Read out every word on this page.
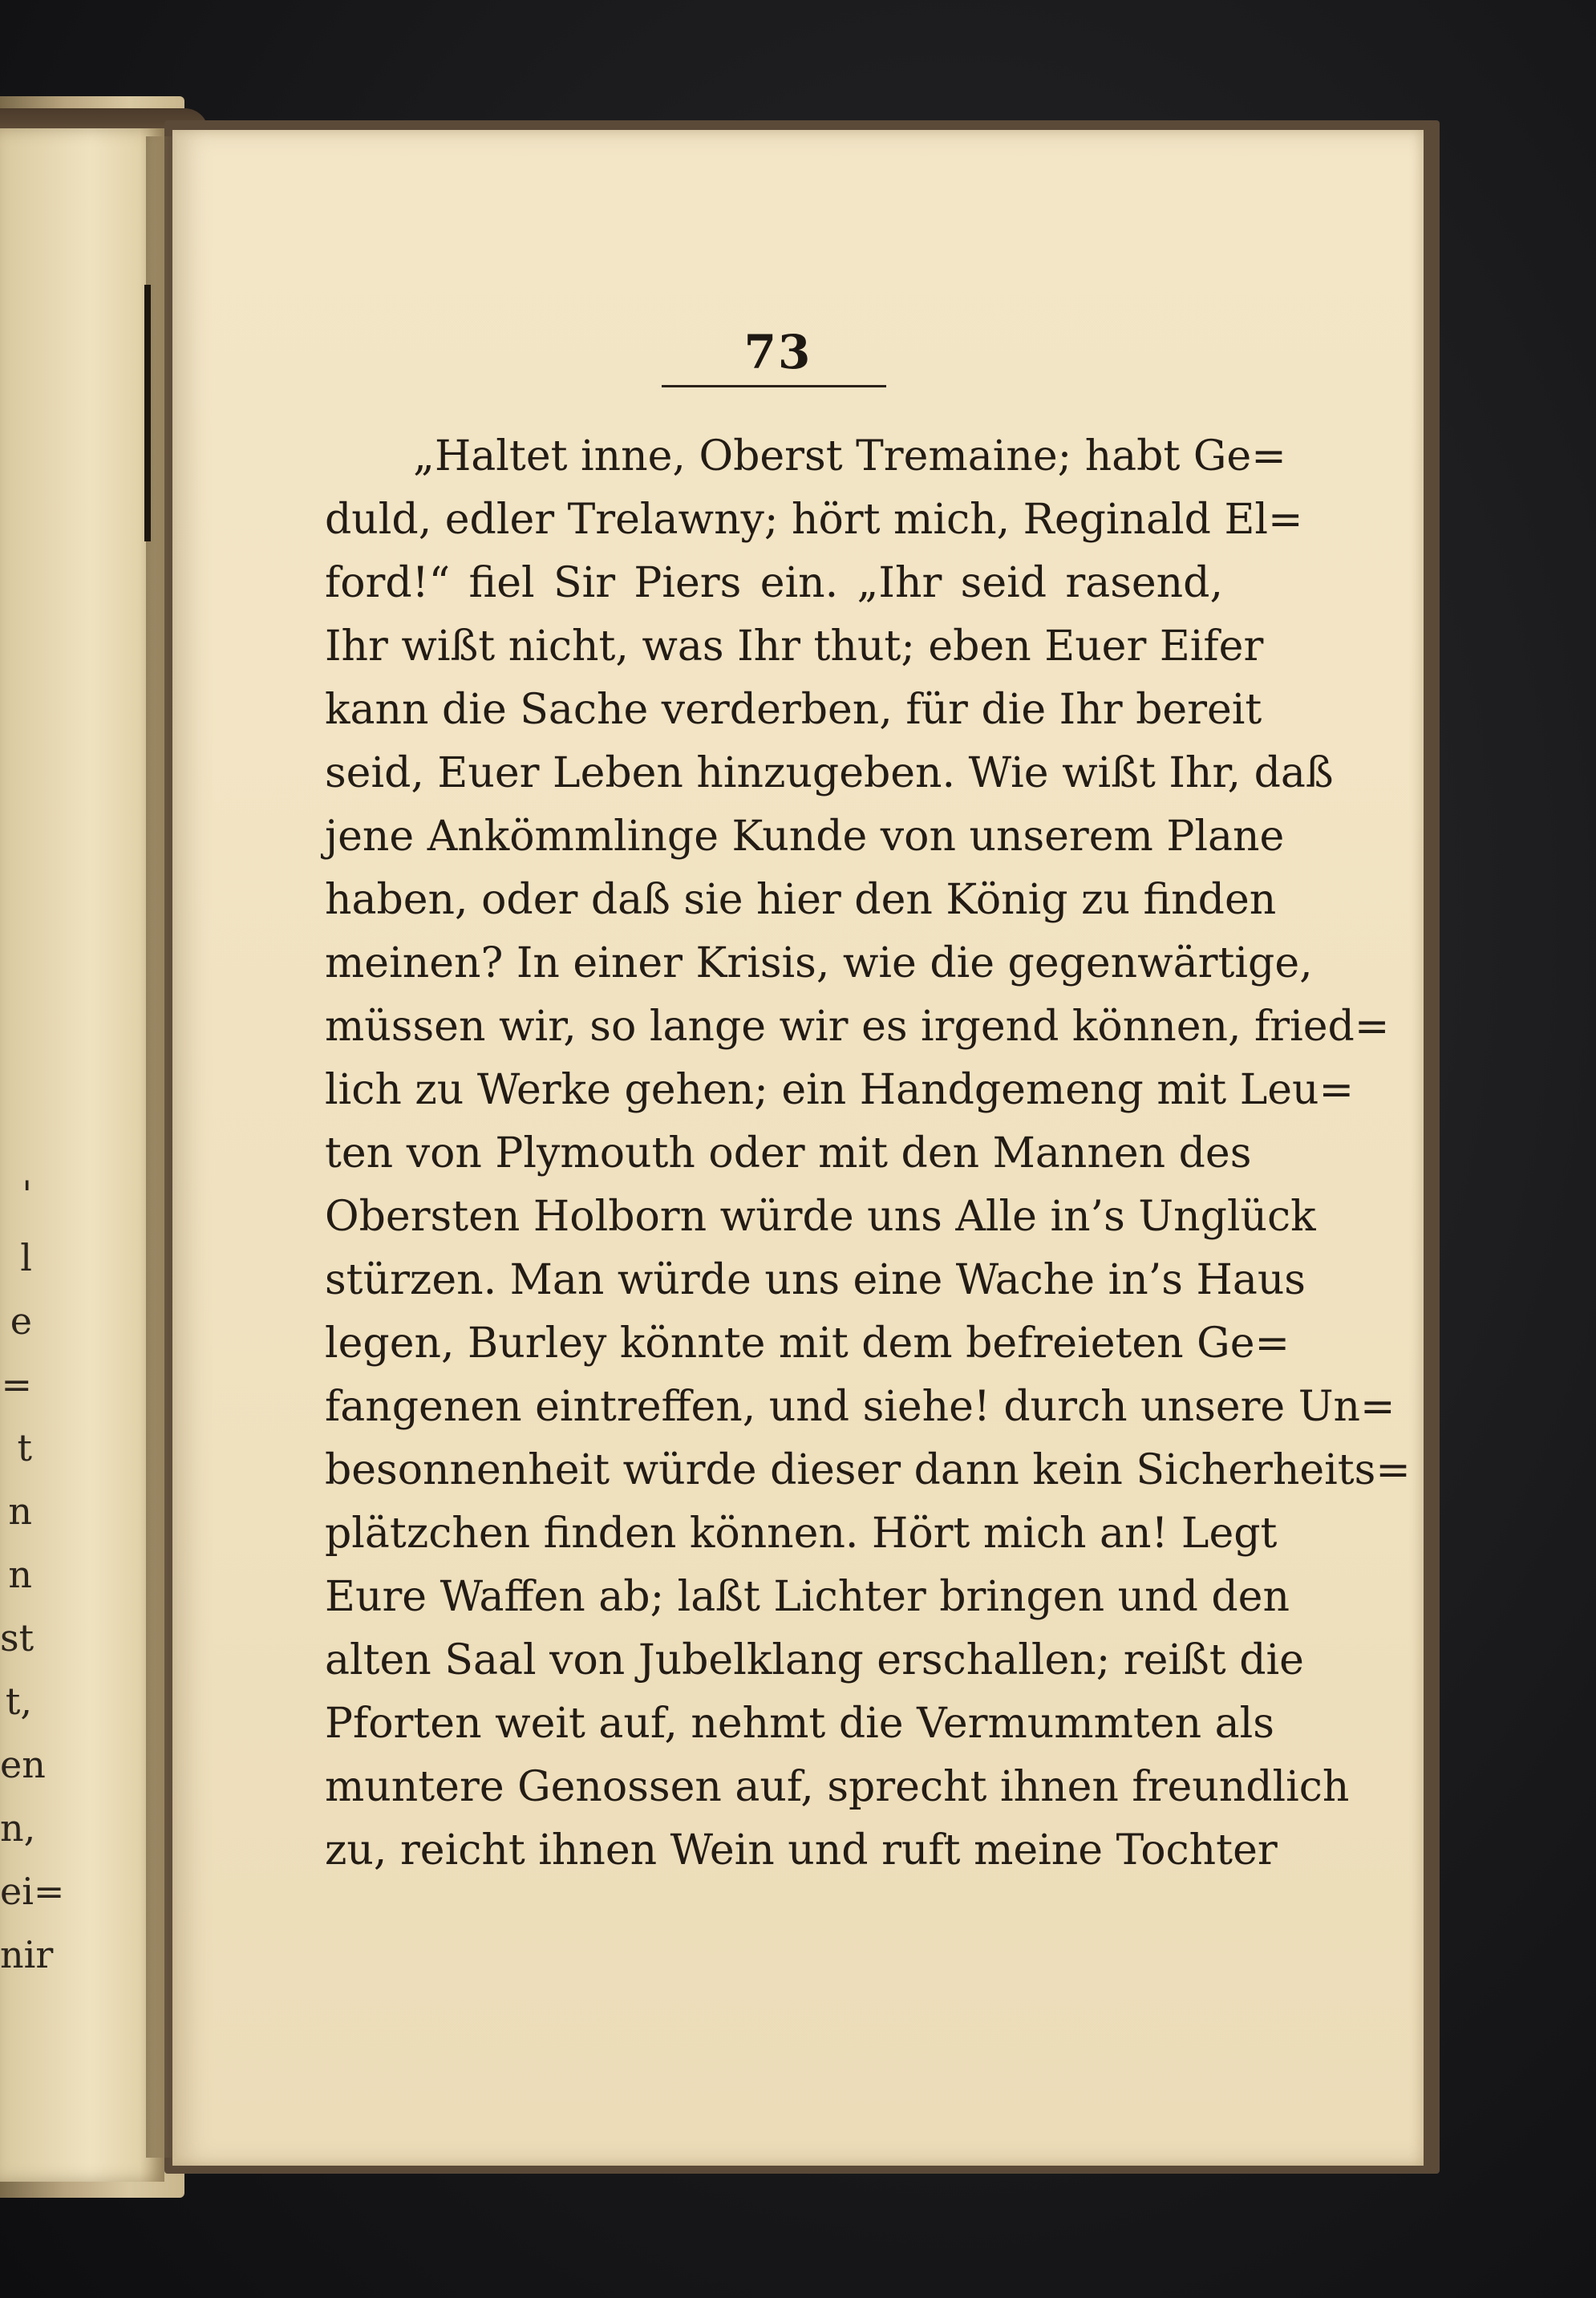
'
l
e
=
t
n
n
st
t,
en
n,
ei=
nir
73
„Haltet inne, Oberst Tremaine; habt Ge=
duld, edler Trelawny; hört mich, Reginald El=
ford!“ fiel Sir Piers ein. „Ihr seid rasend,
Ihr wißt nicht, was Ihr thut; eben Euer Eifer
kann die Sache verderben, für die Ihr bereit
seid, Euer Leben hinzugeben. Wie wißt Ihr, daß
jene Ankömmlinge Kunde von unserem Plane
haben, oder daß sie hier den König zu finden
meinen? In einer Krisis, wie die gegenwärtige,
müssen wir, so lange wir es irgend können, fried=
lich zu Werke gehen; ein Handgemeng mit Leu=
ten von Plymouth oder mit den Mannen des
Obersten Holborn würde uns Alle in’s Unglück
stürzen. Man würde uns eine Wache in’s Haus
legen, Burley könnte mit dem befreieten Ge=
fangenen eintreffen, und siehe! durch unsere Un=
besonnenheit würde dieser dann kein Sicherheits=
plätzchen finden können. Hört mich an! Legt
Eure Waffen ab; laßt Lichter bringen und den
alten Saal von Jubelklang erschallen; reißt die
Pforten weit auf, nehmt die Vermummten als
muntere Genossen auf, sprecht ihnen freundlich
zu, reicht ihnen Wein und ruft meine Tochter
